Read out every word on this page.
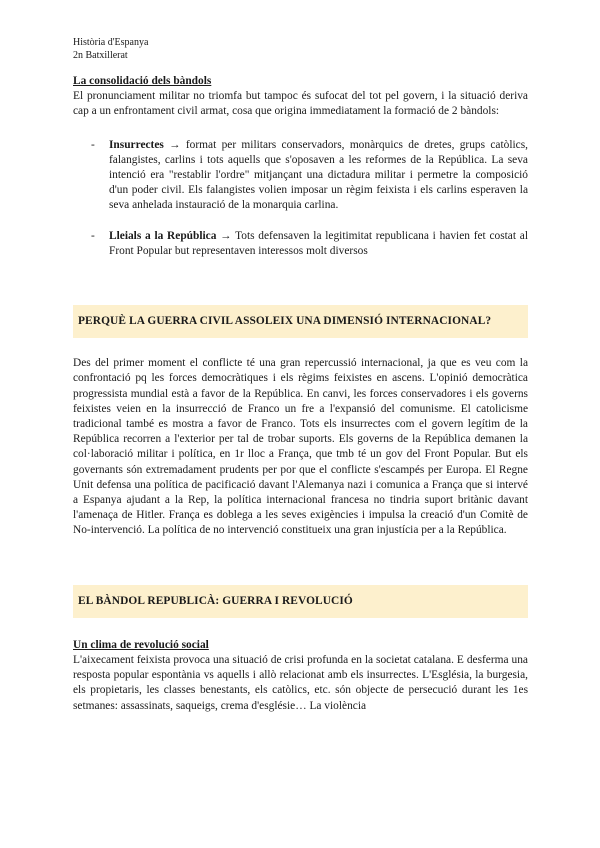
Història d'Espanya
2n Batxillerat
La consolidació dels bàndols

El pronunciament militar no triomfa but tampoc és sufocat del tot pel govern, i la situació deriva cap a un enfrontament civil armat, cosa que origina immediatament la formació de 2 bàndols:

- Insurrectes → format per militars conservadors, monàrquics de dretes, grups catòlics, falangistes, carlins i tots aquells que s'oposaven a les reformes de la República. La seva intenció era "restablir l'ordre" mitjançant una dictadura militar i permetre la composició d'un poder civil. Els falangistes volien imposar un règim feixista i els carlins esperaven la seva anhelada instauració de la monarquia carlina.
- Lleials a la República → Tots defensaven la legitimitat republicana i havien fet costat al Front Popular but representaven interessos molt diversos
PERQUÈ LA GUERRA CIVIL ASSOLEIX UNA DIMENSIÓ INTERNACIONAL?

Des del primer moment el conflicte té una gran repercussió internacional, ja que es veu com la confrontació pq les forces democràtiques i els règims feixistes en ascens. L'opinió democràtica progressista mundial està a favor de la República. En canvi, les forces conservadores i els governs feixistes veien en la insurrecció de Franco un fre a l'expansió del comunisme. El catolicisme tradicional també es mostra a favor de Franco. Tots els insurrectes com el govern legítim de la República recorren a l'exterior per tal de trobar suports. Els governs de la República demanen la col·laboració militar i política, en 1r lloc a França, que tmb té un gov del Front Popular. But els governants són extremadament prudents per por que el conflicte s'escampés per Europa. El Regne Unit defensa una política de pacificació davant l'Alemanya nazi i comunica a França que si intervé a Espanya ajudant a la Rep, la política internacional francesa no tindria suport britànic davant l'amenaça de Hitler. França es doblega a les seves exigències i impulsa la creació d'un Comitè de No-intervenció. La política de no intervenció constitueix una gran injustícia per a la República.

EL BÀNDOL REPUBLICÀ: GUERRA I REVOLUCIÓ
Un clima de revolució social

L'aixecament feixista provoca una situació de crisi profunda en la societat catalana. E desferma una resposta popular espontània vs aquells i allò relacionat amb els insurrectes. L'Església, la burgesia, els propietaris, les classes benestants, els catòlics, etc. són objecte de persecució durant les 1es setmanes: assassinats, saqueigs, crema d'esglésie… La violència
